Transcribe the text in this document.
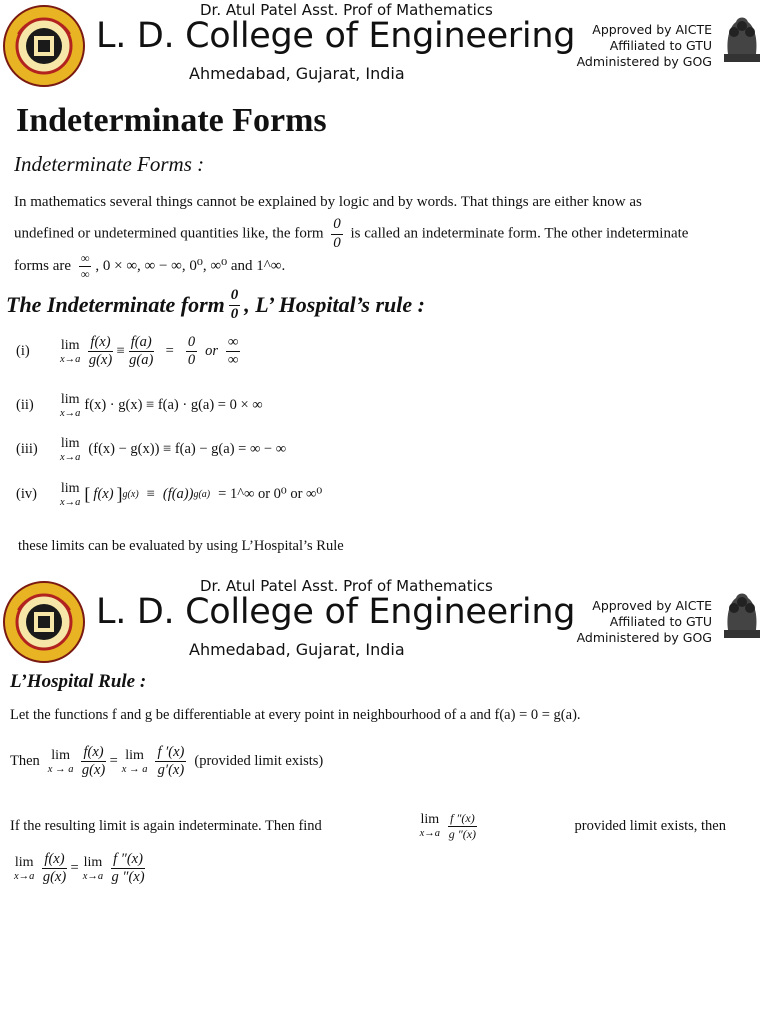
Dr. Atul Patel Asst. Prof of Mathematics
L. D. College of Engineering
Ahmedabad, Gujarat, India
Approved by AICTE
Affiliated to GTU
Administered by GOG
Indeterminate Forms
Indeterminate Forms :
In mathematics several things cannot be explained by logic and by words. That things are either know as
undefined or undetermined quantities like, the form $\frac{0}{0}$ is called an indeterminate form. The other indeterminate
forms are $\frac{\infty}{\infty}$ , 0 × ∞, ∞ − ∞, 0⁰, ∞⁰ and 1^∞.
The Indeterminate form $\frac{0}{0}$ , L’ Hospital’s rule :
(i)	lim
$x\to a \frac{f(x)}{g(x)} \equiv \frac{f(a)}{g(a)} = \frac{0}{0}$ or $\frac{\infty}{\infty}$
(ii)	lim
x→a f(x) · g(x) ≡ f(a) · g(a) = 0 × ∞
(iii)	lim
x→a (f(x) − g(x)) ≡ f(a) − g(a) = ∞ − ∞
(iv)	lim
x→a [ f(x) ] g(x) ≡ ( f(a) ) g(a) = 1^∞ or 0⁰ or ∞⁰
these limits can be evaluated by using L’Hospital’s Rule
Dr. Atul Patel Asst. Prof of Mathematics
L. D. College of Engineering
Ahmedabad, Gujarat, India
Approved by AICTE
Affiliated to GTU
Administered by GOG
L’Hospital Rule :
Let the functions f and g be differentiable at every point in neighbourhood of a and f(a) = 0 = g(a).
Then lim
x → a $\frac{f(x)}{g(x)} = \lim$
x → a $\frac{f '(x)}{g'(x)}$ (provided limit exists)
If the resulting limit is again indeterminate. Then find	lim
$x\to a \frac{f ''(x)}{g ''(x)}$	provided limit exists, then
lim
$x\to a \frac{f(x)}{g(x)} = \lim$
$x\to a \frac{f ''(x)}{g ''(x)}$
